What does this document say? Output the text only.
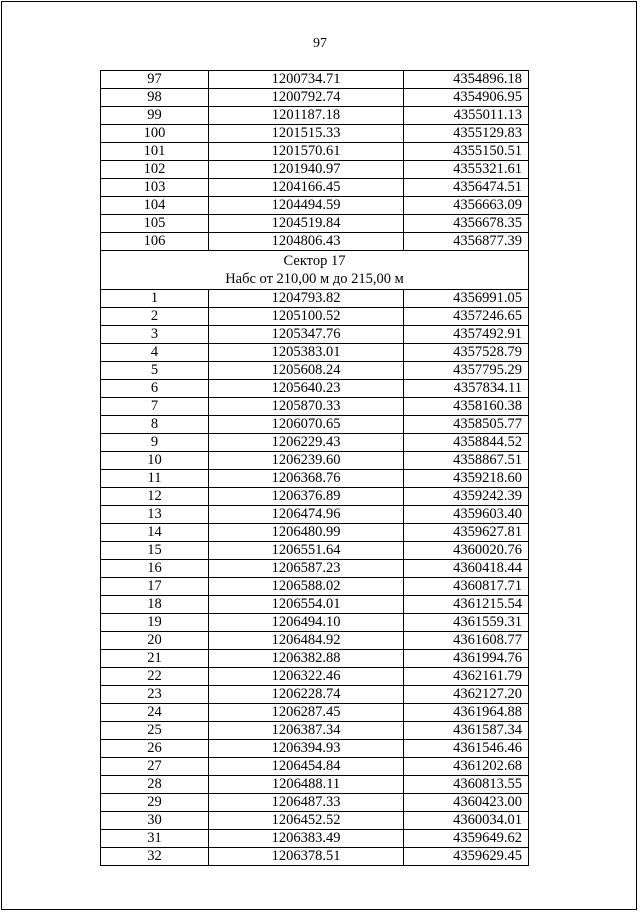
97
97	1200734.71	4354896.18
98	1200792.74	4354906.95
99	1201187.18	4355011.13
100	1201515.33	4355129.83
101	1201570.61	4355150.51
102	1201940.97	4355321.61
103	1204166.45	4356474.51
104	1204494.59	4356663.09
105	1204519.84	4356678.35
106	1204806.43	4356877.39

Сектор 17
Набс от 210,00 м до 215,00 м		

1	1204793.82	4356991.05
2	1205100.52	4357246.65
3	1205347.76	4357492.91
4	1205383.01	4357528.79
5	1205608.24	4357795.29
6	1205640.23	4357834.11
7	1205870.33	4358160.38
8	1206070.65	4358505.77
9	1206229.43	4358844.52
10	1206239.60	4358867.51
11	1206368.76	4359218.60
12	1206376.89	4359242.39
13	1206474.96	4359603.40
14	1206480.99	4359627.81
15	1206551.64	4360020.76
16	1206587.23	4360418.44
17	1206588.02	4360817.71
18	1206554.01	4361215.54
19	1206494.10	4361559.31
20	1206484.92	4361608.77
21	1206382.88	4361994.76
22	1206322.46	4362161.79
23	1206228.74	4362127.20
24	1206287.45	4361964.88
25	1206387.34	4361587.34
26	1206394.93	4361546.46
27	1206454.84	4361202.68
28	1206488.11	4360813.55
29	1206487.33	4360423.00
30	1206452.52	4360034.01
31	1206383.49	4359649.62
32	1206378.51	4359629.45
